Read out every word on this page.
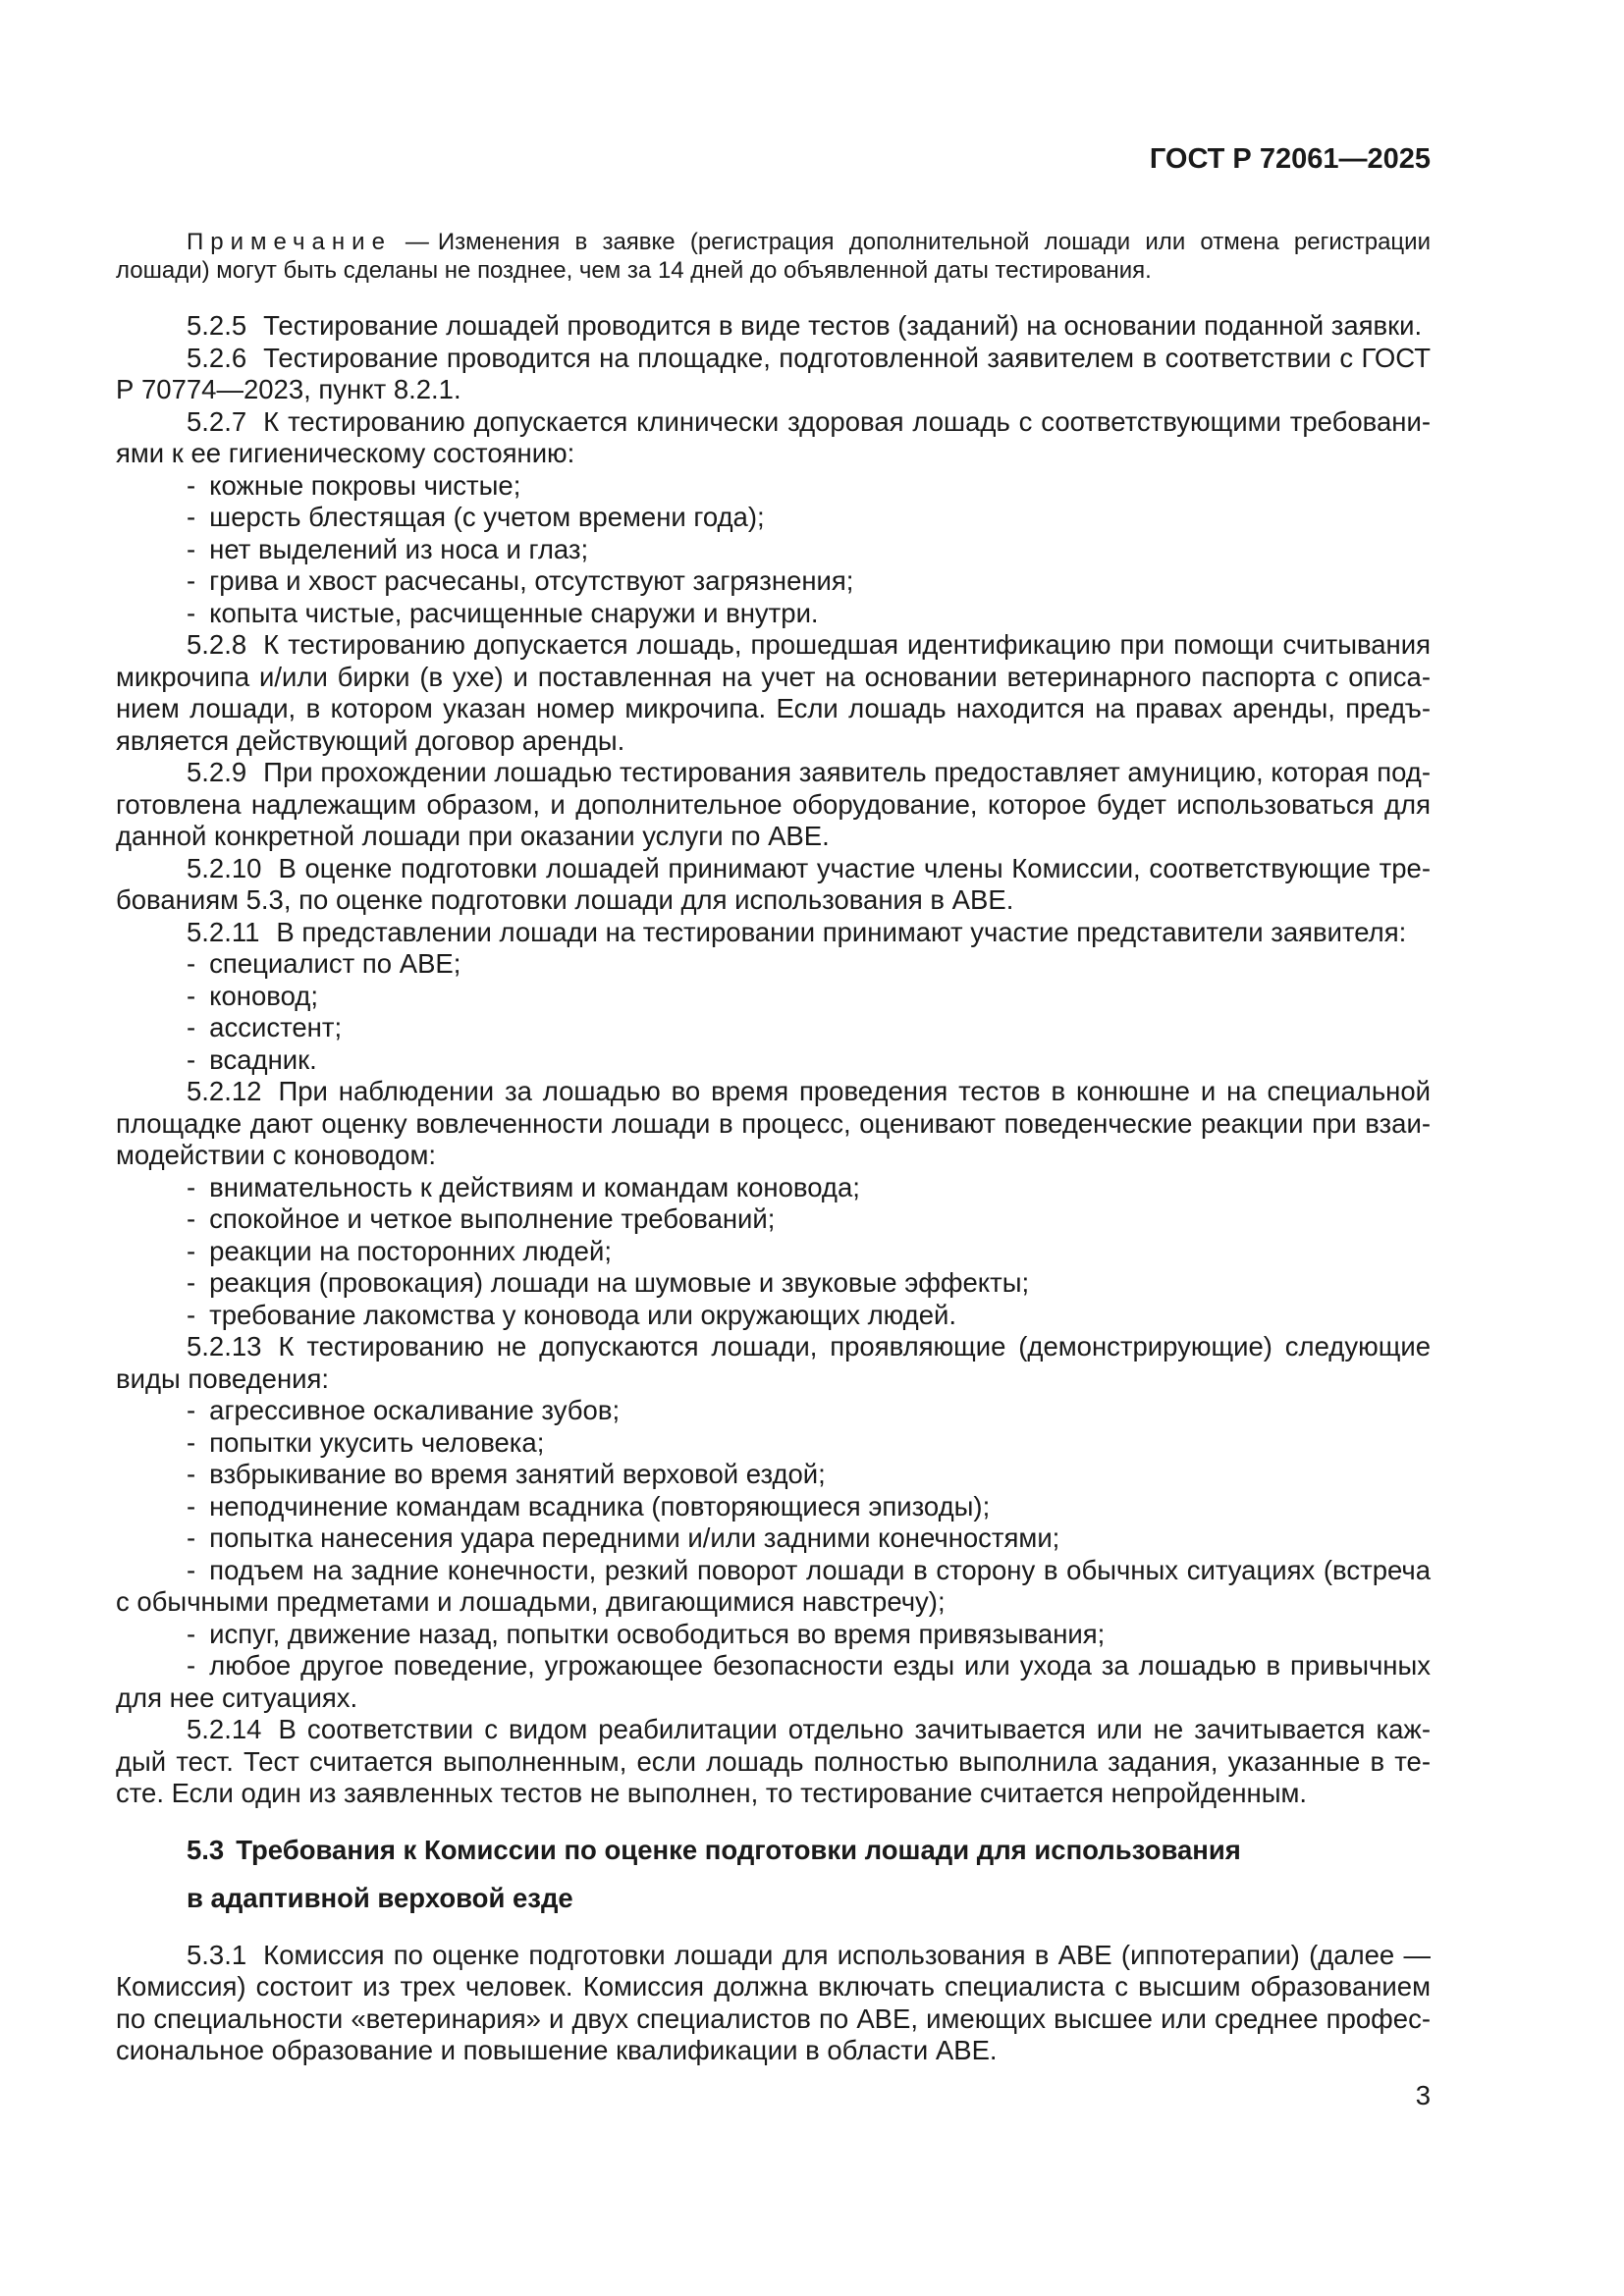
ГОСТ Р 72061—2025

Примечание — Изменения в заявке (регистрация дополнительной лошади или отмена регистрации лошади) могут быть сделаны не позднее, чем за 14 дней до объявленной даты тестирования.

5.2.5 Тестирование лошадей проводится в виде тестов (заданий) на основании поданной заявки.

5.2.6 Тестирование проводится на площадке, подготовленной заявителем в соответствии с ГОСТ Р 70774—2023, пункт 8.2.1.

5.2.7 К тестированию допускается клинически здоровая лошадь с соответствующими требованиями к ее гигиеническому состоянию:

- кожные покровы чистые;

- шерсть блестящая (с учетом времени года);

- нет выделений из носа и глаз;

- грива и хвост расчесаны, отсутствуют загрязнения;

- копыта чистые, расчищенные снаружи и внутри.

5.2.8 К тестированию допускается лошадь, прошедшая идентификацию при помощи считывания микрочипа и/или бирки (в ухе) и поставленная на учет на основании ветеринарного паспорта с описанием лошади, в котором указан номер микрочипа. Если лошадь находится на правах аренды, предъявляется действующий договор аренды.

5.2.9 При прохождении лошадью тестирования заявитель предоставляет амуницию, которая подготовлена надлежащим образом, и дополнительное оборудование, которое будет использоваться для данной конкретной лошади при оказании услуги по АВЕ.

5.2.10 В оценке подготовки лошадей принимают участие члены Комиссии, соответствующие требованиям 5.3, по оценке подготовки лошади для использования в АВЕ.

5.2.11 В представлении лошади на тестировании принимают участие представители заявителя:

- специалист по АВЕ;

- коновод;

- ассистент;

- всадник.

5.2.12 При наблюдении за лошадью во время проведения тестов в конюшне и на специальной площадке дают оценку вовлеченности лошади в процесс, оценивают поведенческие реакции при взаимодействии с коноводом:

- внимательность к действиям и командам коновода;

- спокойное и четкое выполнение требований;

- реакции на посторонних людей;

- реакция (провокация) лошади на шумовые и звуковые эффекты;

- требование лакомства у коновода или окружающих людей.

5.2.13 К тестированию не допускаются лошади, проявляющие (демонстрирующие) следующие виды поведения:

- агрессивное оскаливание зубов;

- попытки укусить человека;

- взбрыкивание во время занятий верховой ездой;

- неподчинение командам всадника (повторяющиеся эпизоды);

- попытка нанесения удара передними и/или задними конечностями;

- подъем на задние конечности, резкий поворот лошади в сторону в обычных ситуациях (встреча с обычными предметами и лошадьми, двигающимися навстречу);

- испуг, движение назад, попытки освободиться во время привязывания;

- любое другое поведение, угрожающее безопасности езды или ухода за лошадью в привычных для нее ситуациях.

5.2.14 В соответствии с видом реабилитации отдельно зачитывается или не зачитывается каждый тест. Тест считается выполненным, если лошадь полностью выполнила задания, указанные в тесте. Если один из заявленных тестов не выполнен, то тестирование считается непройденным.

5.3 Требования к Комиссии по оценке подготовки лошади для использования
в адаптивной верховой езде

5.3.1 Комиссия по оценке подготовки лошади для использования в АВЕ (иппотерапии) (далее — Комиссия) состоит из трех человек. Комиссия должна включать специалиста с высшим образованием по специальности «ветеринария» и двух специалистов по АВЕ, имеющих высшее или среднее профессиональное образование и повышение квалификации в области АВЕ.

3
